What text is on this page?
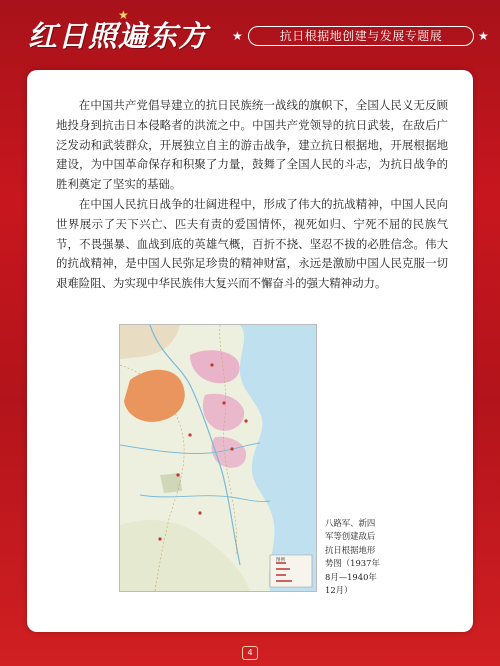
红日照遍东方
★
★	抗日根据地创建与发展专题展	★

在中国共产党倡导建立的抗日民族统一战线的旗帜下，全国人民义无反顾地投身到抗击日本侵略者的洪流之中。中国共产党领导的抗日武装，在敌后广泛发动和武装群众，开展独立自主的游击战争，建立抗日根据地，开展根据地建设，为中国革命保存和积聚了力量，鼓舞了全国人民的斗志，为抗日战争的胜利奠定了坚实的基础。

在中国人民抗日战争的壮阔进程中，形成了伟大的抗战精神，中国人民向世界展示了天下兴亡、匹夫有责的爱国情怀，视死如归、宁死不屈的民族气节，不畏强暴、血战到底的英雄气概，百折不挠、坚忍不拔的必胜信念。伟大的抗战精神，是中国人民弥足珍贵的精神财富，永远是激励中国人民克服一切艰难险阻、为实现中华民族伟大复兴而不懈奋斗的强大精神动力。

图例
八路军、新四军等创建敌后抗日根据地形势图（1937年8月—1940年12月）
4
